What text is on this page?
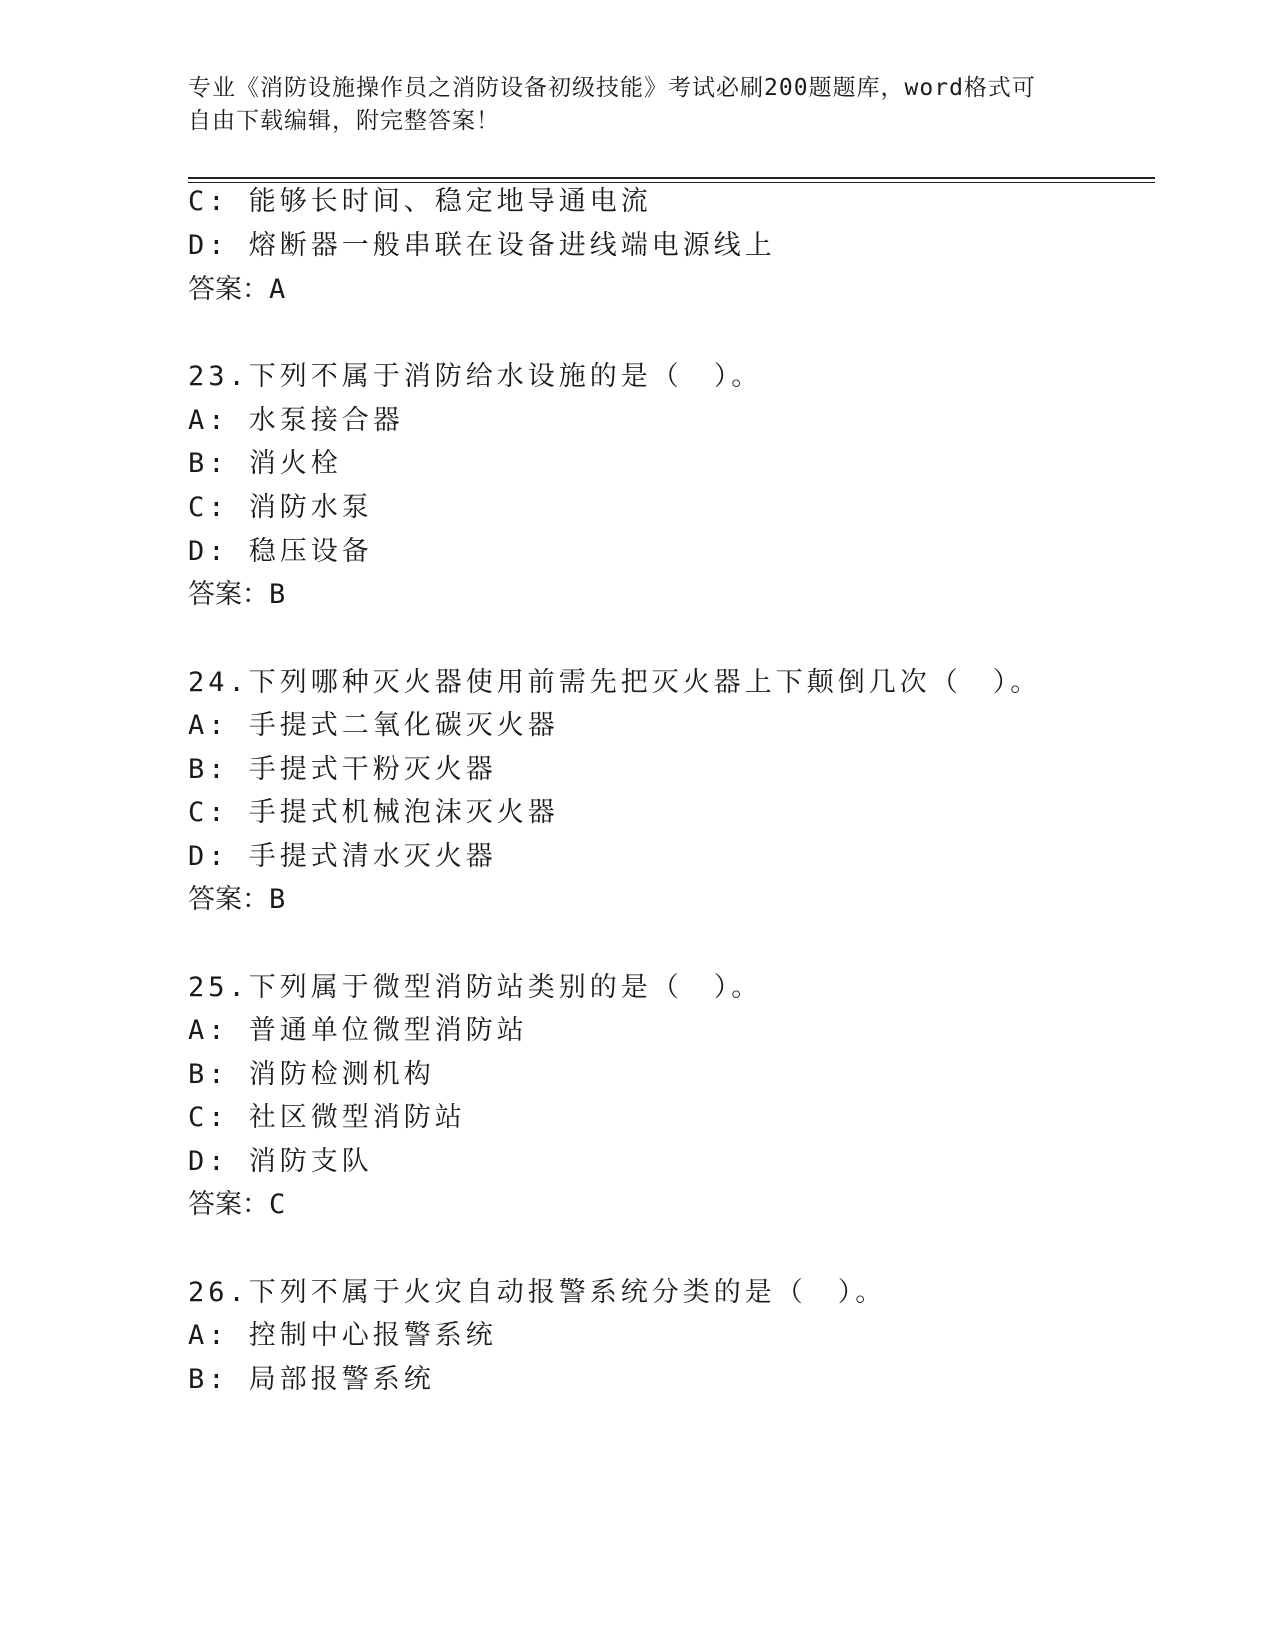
专业《消防设施操作员之消防设备初级技能》考试必刷200题题库，word格式可
自由下载编辑，附完整答案！
C: 能够长时间、稳定地导通电流
D: 熔断器一般串联在设备进线端电源线上
答案：A
23.下列不属于消防给水设施的是（　）。
A: 水泵接合器
B: 消火栓
C: 消防水泵
D: 稳压设备
答案：B
24.下列哪种灭火器使用前需先把灭火器上下颠倒几次（　）。
A: 手提式二氧化碳灭火器
B: 手提式干粉灭火器
C: 手提式机械泡沫灭火器
D: 手提式清水灭火器
答案：B
25.下列属于微型消防站类别的是（　）。
A: 普通单位微型消防站
B: 消防检测机构
C: 社区微型消防站
D: 消防支队
答案：C
26.下列不属于火灾自动报警系统分类的是（　）。
A: 控制中心报警系统
B: 局部报警系统
